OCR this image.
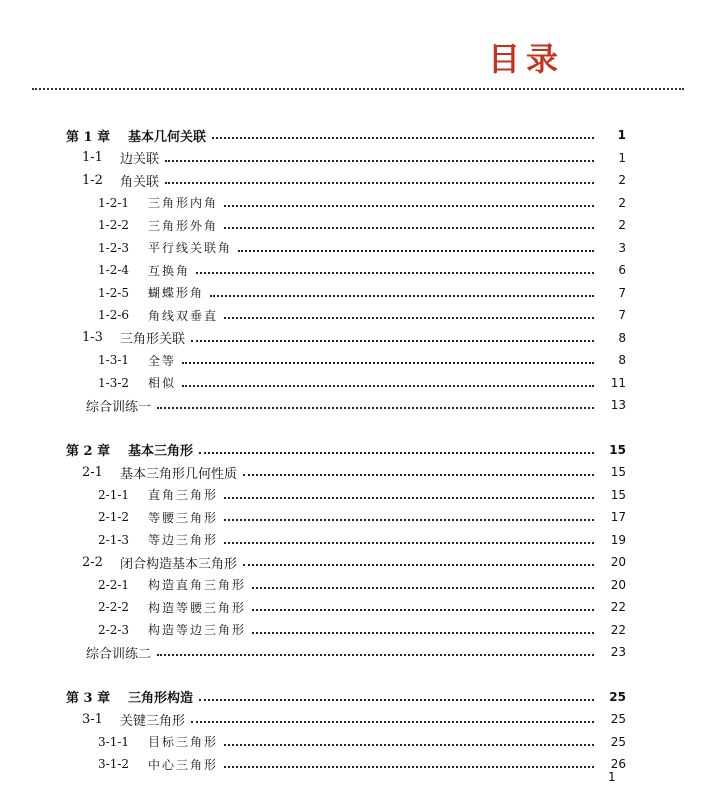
目录
第 1 章	基本几何关联	1
1-1	边关联	1
1-2	角关联	2
1-2-1	三角形内角	2
1-2-2	三角形外角	2
1-2-3	平行线关联角	3
1-2-4	互换角	6
1-2-5	蝴蝶形角	7
1-2-6	角线双垂直	7
1-3	三角形关联	8
1-3-1	全等	8
1-3-2	相似	11
综合训练一	13
第 2 章	基本三角形	15
2-1	基本三角形几何性质	15
2-1-1	直角三角形	15
2-1-2	等腰三角形	17
2-1-3	等边三角形	19
2-2	闭合构造基本三角形	20
2-2-1	构造直角三角形	20
2-2-2	构造等腰三角形	22
2-2-3	构造等边三角形	22
综合训练二	23
第 3 章	三角形构造	25
3-1	关键三角形	25
3-1-1	目标三角形	25
3-1-2	中心三角形	26
1
